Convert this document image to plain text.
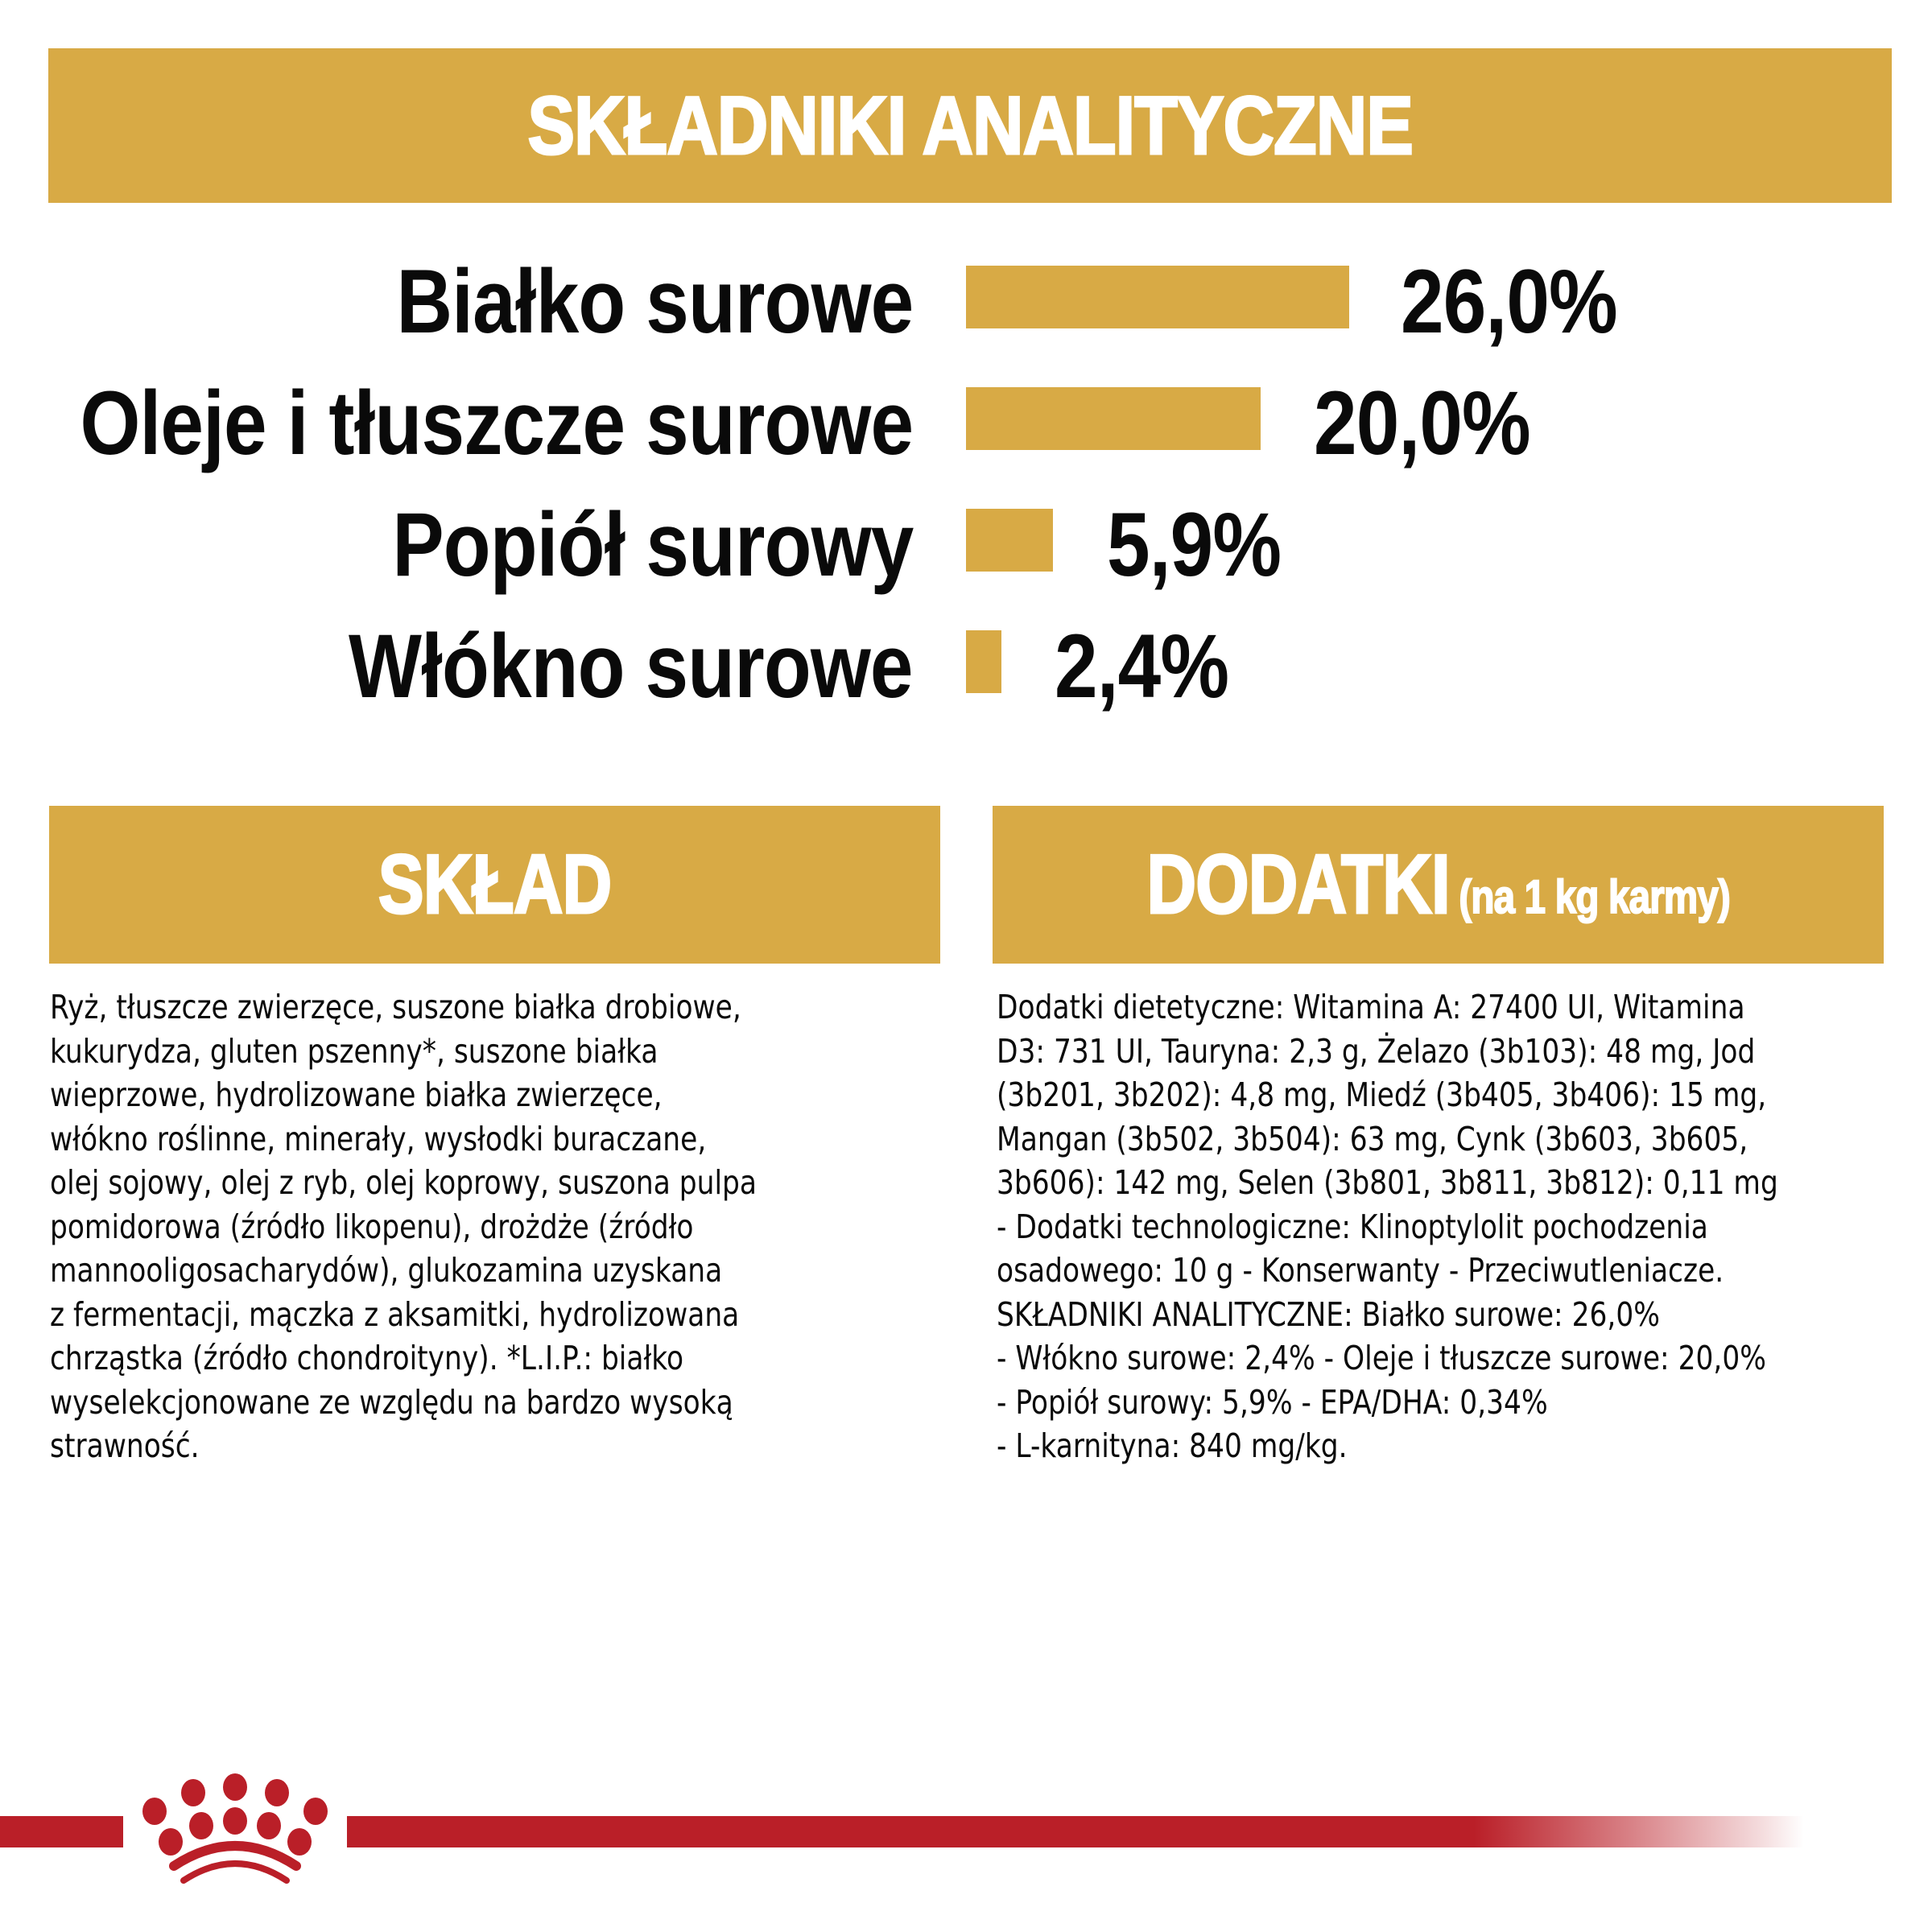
SKŁADNIKI ANALITYCZNE
Białko surowe	26,0%
Oleje i tłuszcze surowe	20,0%
Popiół surowy 5,9%
Włókno surowe 2,4%
SKŁAD
Ryż, tłuszcze zwierzęce, suszone białka drobiowe,
kukurydza, gluten pszenny*, suszone białka
wieprzowe, hydrolizowane białka zwierzęce,
włókno roślinne, minerały, wysłodki buraczane,
olej sojowy, olej z ryb, olej koprowy, suszona pulpa
pomidorowa (źródło likopenu), drożdże (źródło
mannooligosacharydów), glukozamina uzyskana
z fermentacji, mączka z aksamitki, hydrolizowana
chrząstka (źródło chondroityny). *L.I.P.: białko
wyselekcjonowane ze względu na bardzo wysoką
strawność.
DODATKI (na 1 kg karmy)
Dodatki dietetyczne: Witamina A: 27400 UI, Witamina
D3: 731 UI, Tauryna: 2,3 g, Żelazo (3b103): 48 mg, Jod
(3b201, 3b202): 4,8 mg, Miedź (3b405, 3b406): 15 mg,
Mangan (3b502, 3b504): 63 mg, Cynk (3b603, 3b605,
3b606): 142 mg, Selen (3b801, 3b811, 3b812): 0,11 mg
- Dodatki technologiczne: Klinoptylolit pochodzenia
osadowego: 10 g - Konserwanty - Przeciwutleniacze.
SKŁADNIKI ANALITYCZNE: Białko surowe: 26,0%
- Włókno surowe: 2,4% - Oleje i tłuszcze surowe: 20,0%
- Popiół surowy: 5,9% - EPA/DHA: 0,34%
- L-karnityna: 840 mg/kg.
